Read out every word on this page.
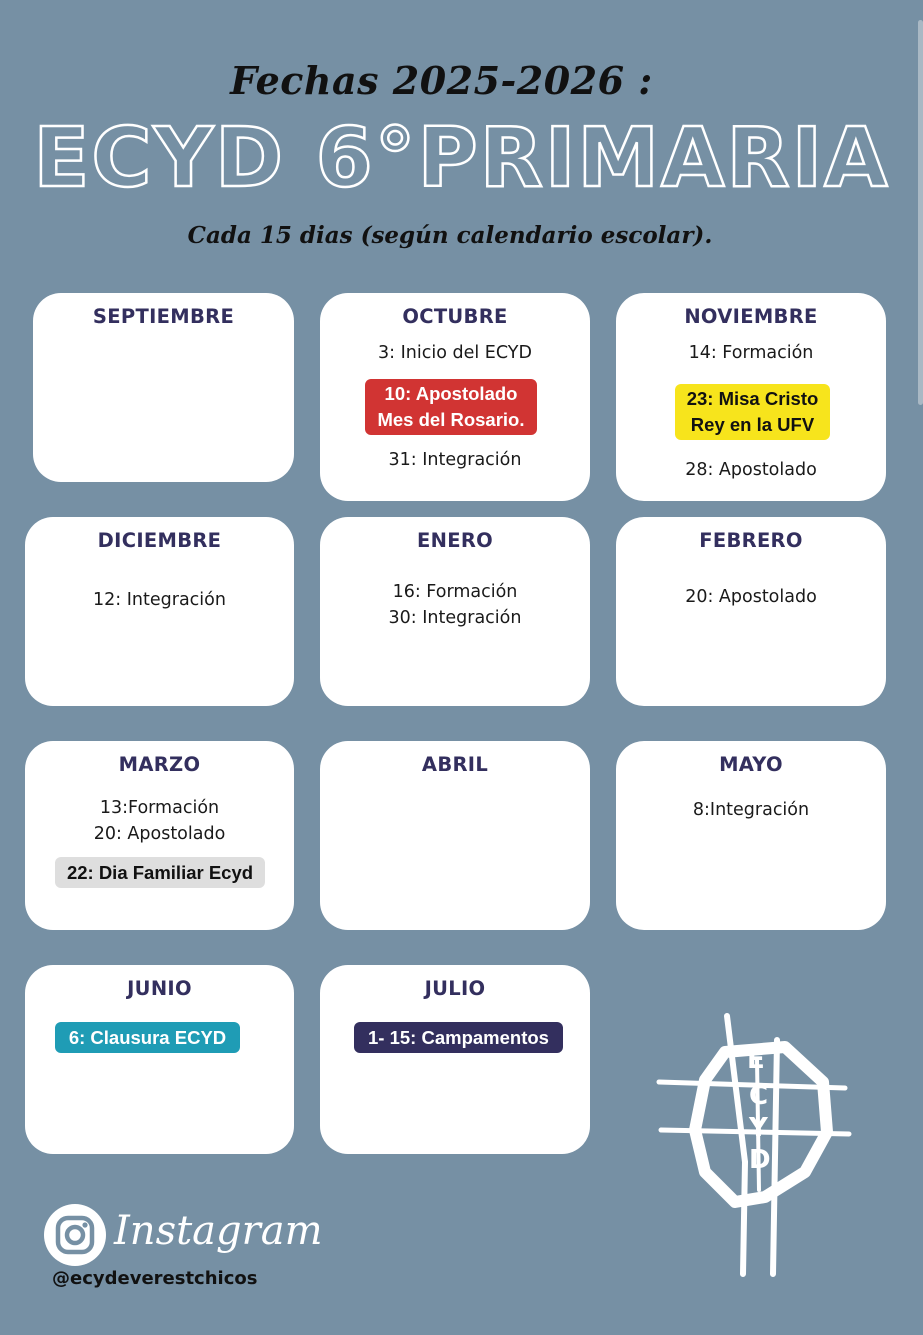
Fechas 2025-2026 :
ECYD 6°PRIMARIA
Cada 15 dias (según calendario escolar).
SEPTIEMBRE	OCTUBRE
3: Inicio del ECYD
10: Apostolado
Mes del Rosario.
31: Integración
NOVIEMBRE
14: Formación
23: Misa Cristo
Rey en la UFV
28: Apostolado
DICIEMBRE
12: Integración
ENERO
16: Formación
30: Integración
FEBRERO
20: Apostolado
MARZO
13:Formación
20: Apostolado
22: Dia Familiar Ecyd
ABRIL	MAYO
8:Integración
JUNIO
6: Clausura ECYD
JULIO
1- 15: Campamentos
E
C
Y
D
Instagram
@ecydeverestchicos
